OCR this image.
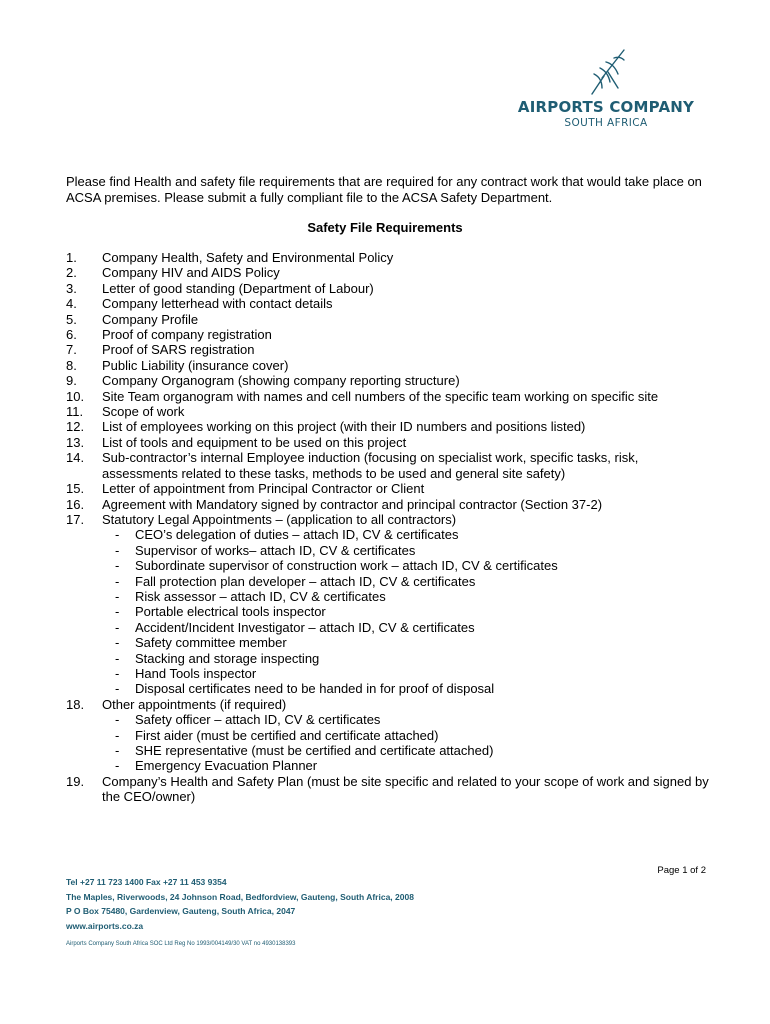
AIRPORTS COMPANY
SOUTH AFRICA
Please find Health and safety file requirements that are required for any contract work that would take place on ACSA premises. Please submit a fully compliant file to the ACSA Safety Department.
Safety File Requirements
1. Company Health, Safety and Environmental Policy
2. Company HIV and AIDS Policy
3. Letter of good standing (Department of Labour)
4. Company letterhead with contact details
5. Company Profile
6. Proof of company registration
7. Proof of SARS registration
8. Public Liability (insurance cover)
9. Company Organogram (showing company reporting structure)
10. Site Team organogram with names and cell numbers of the specific team working on specific site
11. Scope of work
12. List of employees working on this project (with their ID numbers and positions listed)
13. List of tools and equipment to be used on this project
14. Sub-contractor’s internal Employee induction (focusing on specialist work, specific tasks, risk, assessments related to these tasks, methods to be used and general site safety)
15. Letter of appointment from Principal Contractor or Client
16. Agreement with Mandatory signed by contractor and principal contractor (Section 37-2)
17. Statutory Legal Appointments – (application to all contractors)
- CEO’s delegation of duties – attach ID, CV & certificates
- Supervisor of works– attach ID, CV & certificates
- Subordinate supervisor of construction work – attach ID, CV & certificates
- Fall protection plan developer – attach ID, CV & certificates
- Risk assessor – attach ID, CV & certificates
- Portable electrical tools inspector
- Accident/Incident Investigator – attach ID, CV & certificates
- Safety committee member
- Stacking and storage inspecting
- Hand Tools inspector
- Disposal certificates need to be handed in for proof of disposal
18. Other appointments (if required)
- Safety officer – attach ID, CV & certificates
- First aider (must be certified and certificate attached)
- SHE representative (must be certified and certificate attached)
- Emergency Evacuation Planner
19. Company’s Health and Safety Plan (must be site specific and related to your scope of work and signed by the CEO/owner)
Page 1 of 2
Tel +27 11 723 1400 Fax +27 11 453 9354
The Maples, Riverwoods, 24 Johnson Road, Bedfordview, Gauteng, South Africa, 2008
P O Box 75480, Gardenview, Gauteng, South Africa, 2047
www.airports.co.za
Airports Company South Africa SOC Ltd Reg No 1993/004149/30 VAT no 4930138393
